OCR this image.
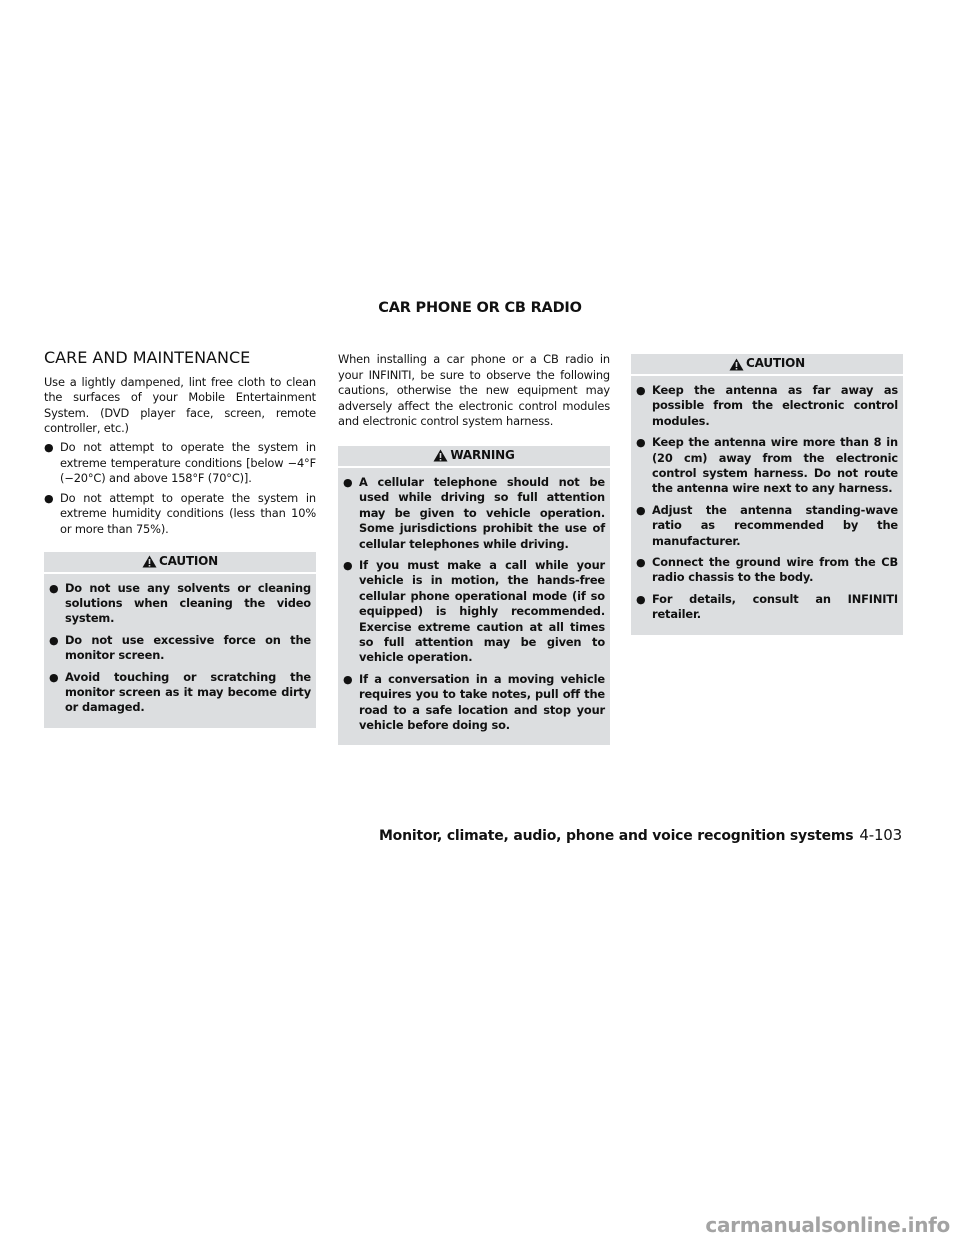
CAR PHONE OR CB RADIO
CARE AND MAINTENANCE

Use a lightly dampened, lint free cloth to clean the surfaces of your Mobile Entertainment System. (DVD player face, screen, remote controller, etc.)

● Do not attempt to operate the system in extreme temperature conditions [below −4°F (−20°C) and above 158°F (70°C)].
● Do not attempt to operate the system in extreme humidity conditions (less than 10% or more than 75%).
CAUTION
● Do not use any solvents or cleaning solutions when cleaning the video system.
● Do not use excessive force on the monitor screen.
● Avoid touching or scratching the monitor screen as it may become dirty or damaged.

When installing a car phone or a CB radio in your INFINITI, be sure to observe the following cautions, otherwise the new equipment may adversely affect the electronic control modules and electronic control system harness.

WARNING
● A cellular telephone should not be used while driving so full attention may be given to vehicle operation. Some jurisdictions prohibit the use of cellular telephones while driving.
● If you must make a call while your vehicle is in motion, the hands-free cellular phone operational mode (if so equipped) is highly recommended. Exercise extreme caution at all times so full attention may be given to vehicle operation.
● If a conversation in a moving vehicle requires you to take notes, pull off the road to a safe location and stop your vehicle before doing so.
CAUTION
● Keep the antenna as far away as possible from the electronic control modules.
● Keep the antenna wire more than 8 in (20 cm) away from the electronic control system harness. Do not route the antenna wire next to any harness.
● Adjust the antenna standing-wave ratio as recommended by the manufacturer.
● Connect the ground wire from the CB radio chassis to the body.
● For details, consult an INFINITI retailer.
Monitor, climate, audio, phone and voice recognition systems 4-103
carmanualsonline.info
